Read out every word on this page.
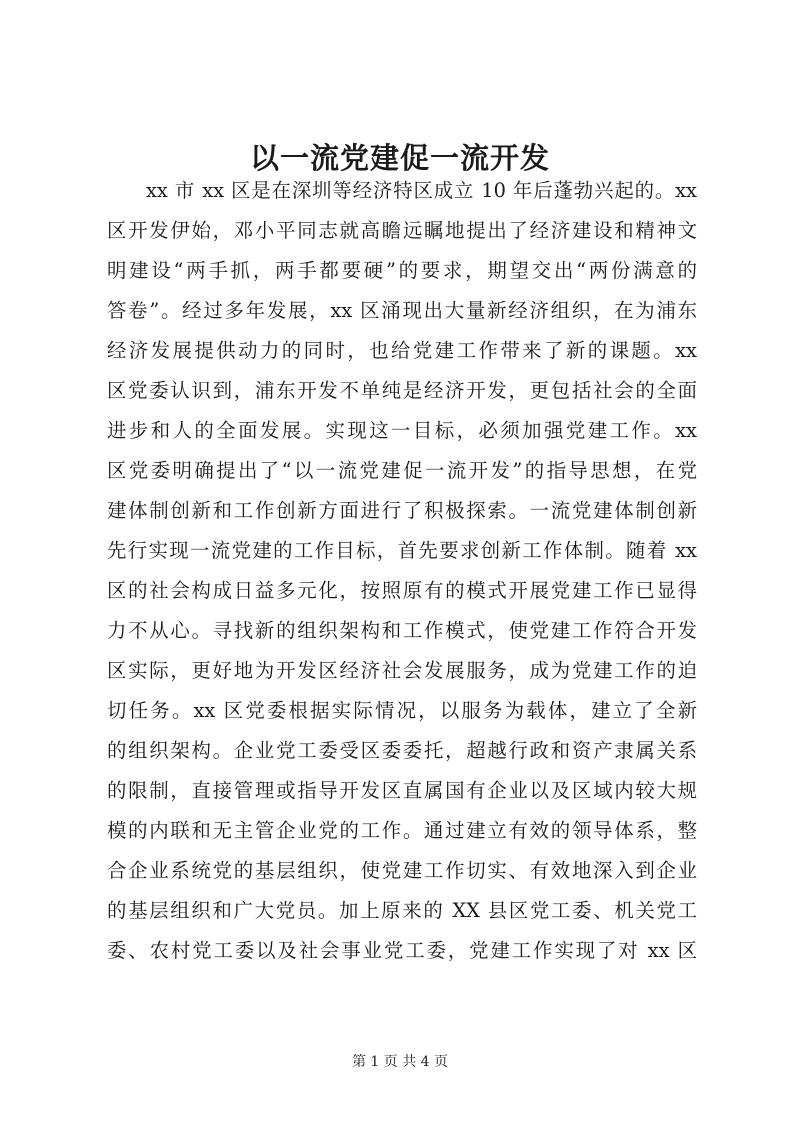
以一流党建促一流开发
xx 市 xx 区是在深圳等经济特区成立 10 年后蓬勃兴起的。xx
区开发伊始，邓小平同志就高瞻远瞩地提出了经济建设和精神文
明建设“两手抓，两手都要硬”的要求，期望交出“两份满意的
答卷”。经过多年发展，xx 区涌现出大量新经济组织，在为浦东
经济发展提供动力的同时，也给党建工作带来了新的课题。xx
区党委认识到，浦东开发不单纯是经济开发，更包括社会的全面
进步和人的全面发展。实现这一目标，必须加强党建工作。xx
区党委明确提出了“以一流党建促一流开发”的指导思想，在党
建体制创新和工作创新方面进行了积极探索。一流党建体制创新
先行实现一流党建的工作目标，首先要求创新工作体制。随着 xx
区的社会构成日益多元化，按照原有的模式开展党建工作已显得
力不从心。寻找新的组织架构和工作模式，使党建工作符合开发
区实际，更好地为开发区经济社会发展服务，成为党建工作的迫
切任务。xx 区党委根据实际情况，以服务为载体，建立了全新
的组织架构。企业党工委受区委委托，超越行政和资产隶属关系
的限制，直接管理或指导开发区直属国有企业以及区域内较大规
模的内联和无主管企业党的工作。通过建立有效的领导体系，整
合企业系统党的基层组织，使党建工作切实、有效地深入到企业
的基层组织和广大党员。加上原来的 XX 县区党工委、机关党工
委、农村党工委以及社会事业党工委，党建工作实现了对 xx 区
第 1 页 共 4 页
